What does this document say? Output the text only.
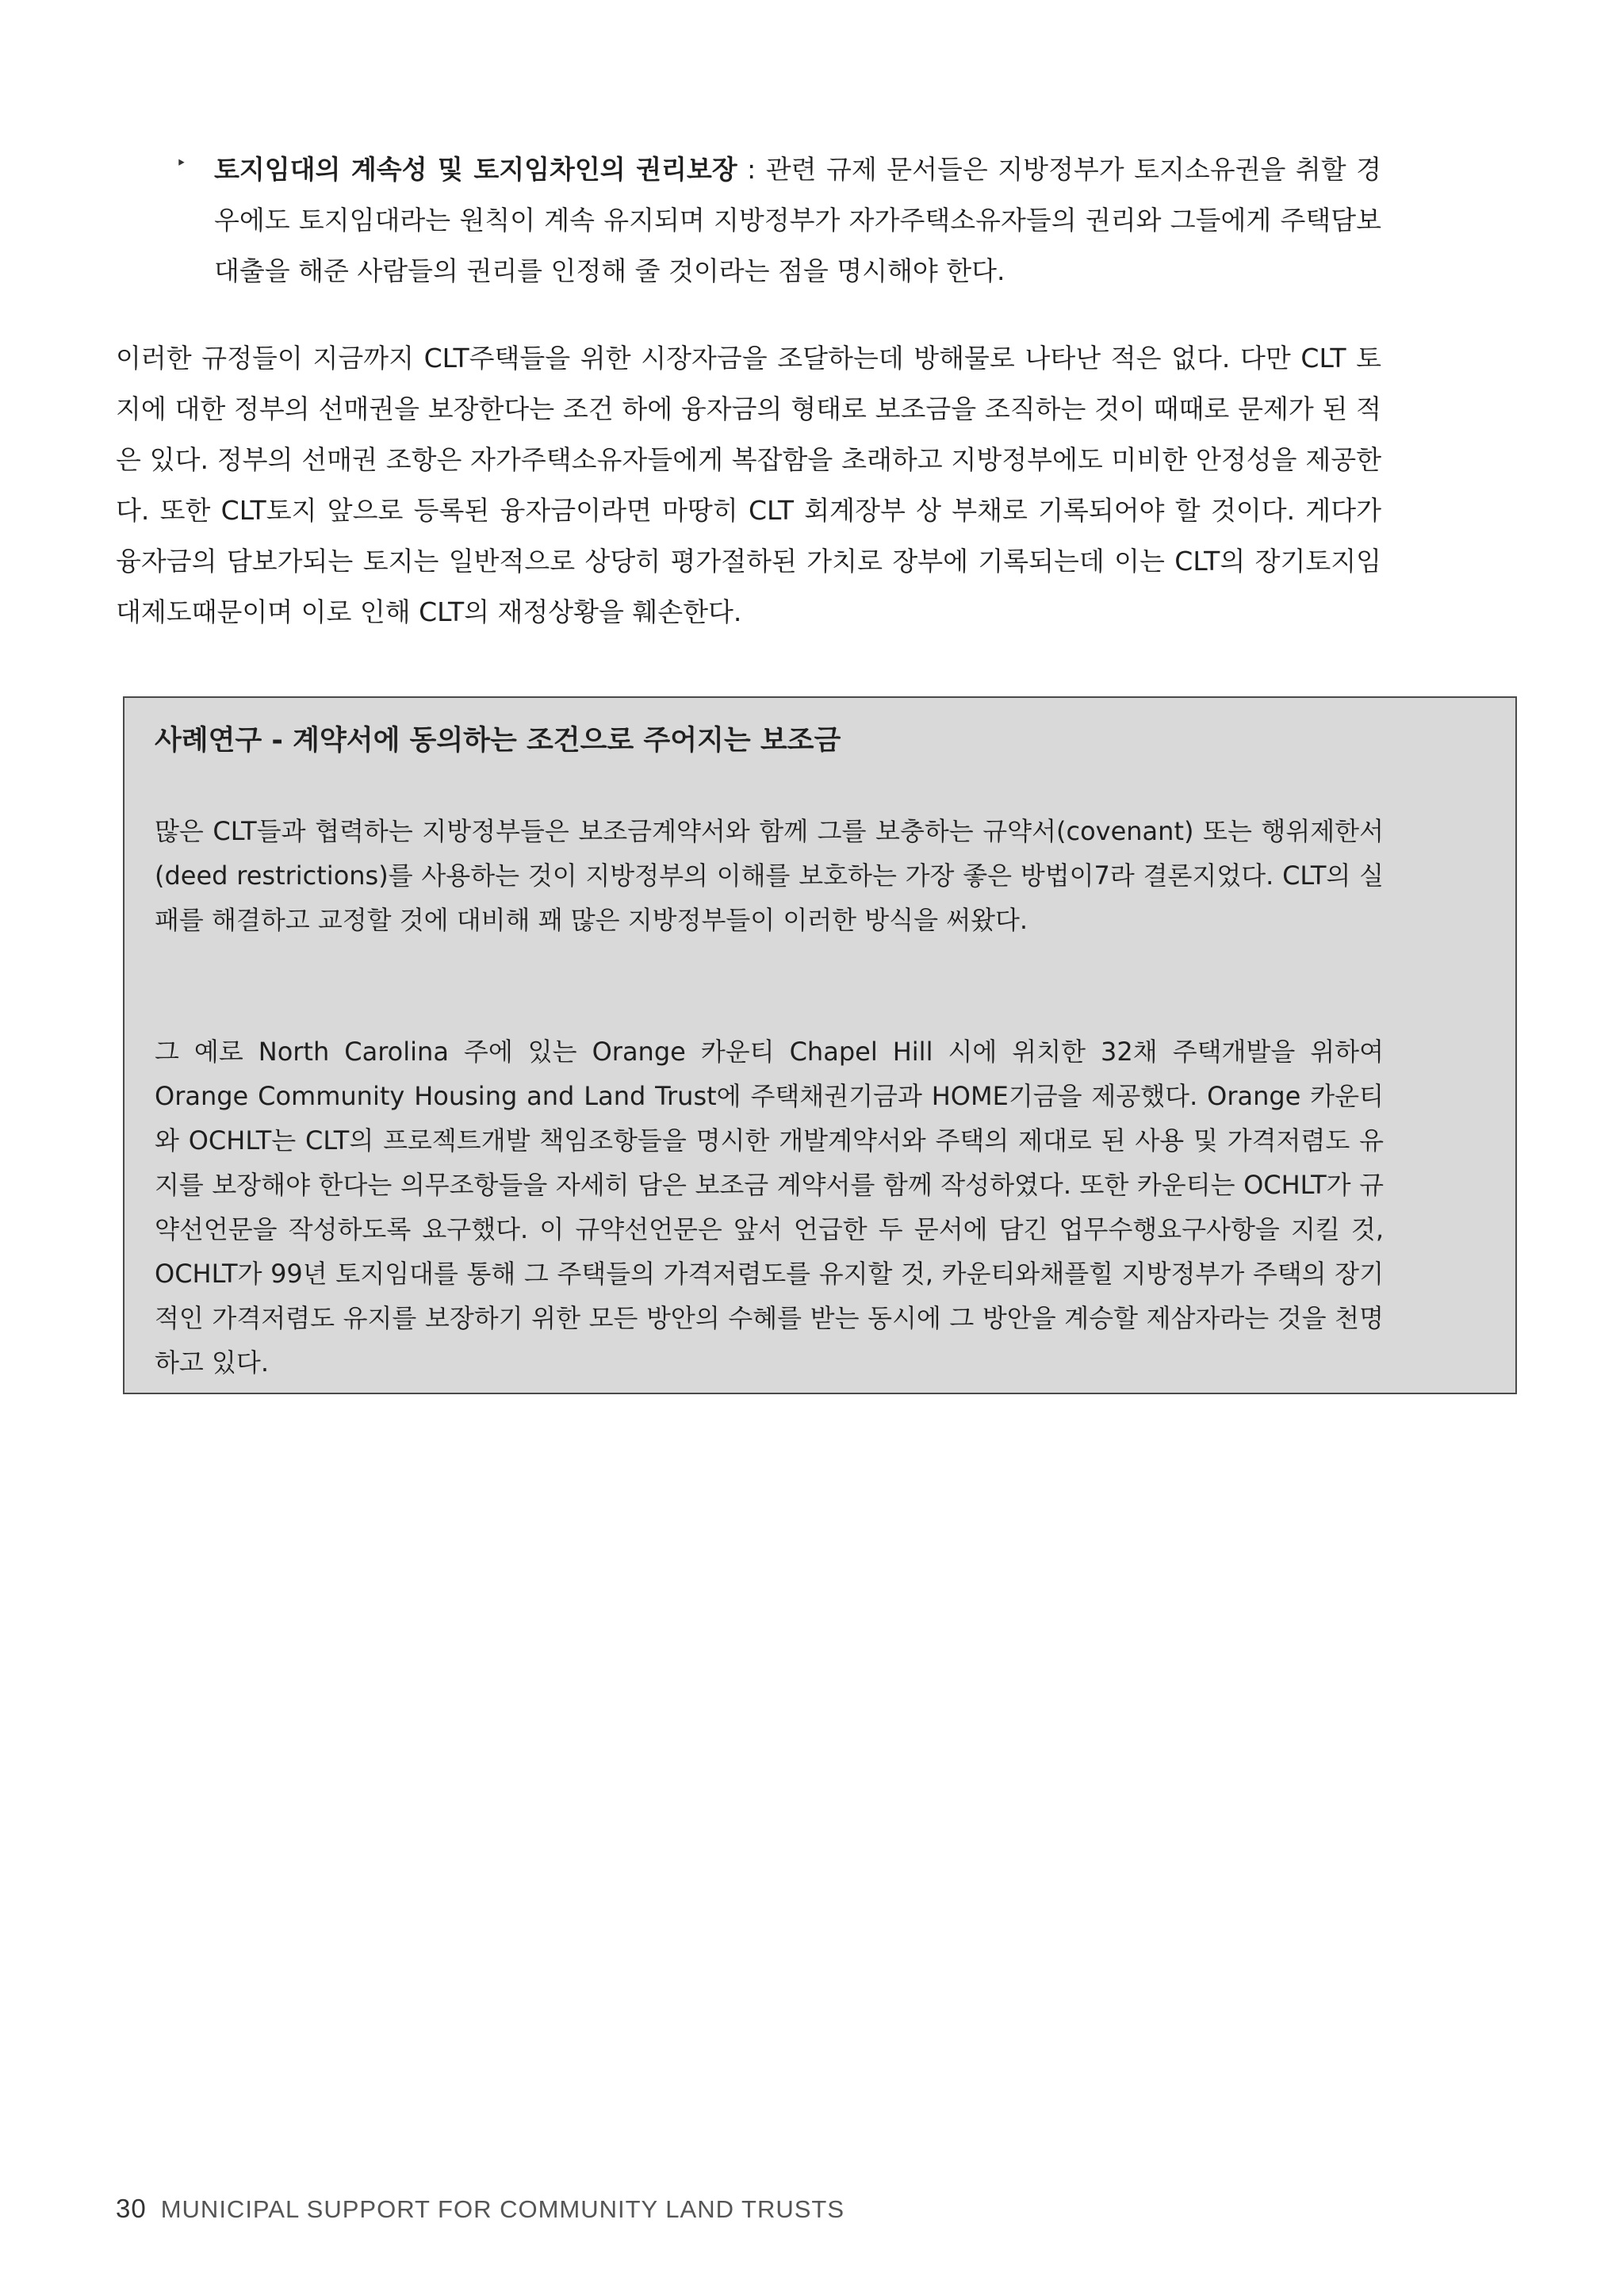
‣ 토지임대의 계속성 및 토지임차인의 권리보장 : 관련 규제 문서들은 지방정부가 토지소유권을 취할 경우에도 토지임대라는 원칙이 계속 유지되며 지방정부가 자가주택소유자들의 권리와 그들에게 주택담보대출을 해준 사람들의 권리를 인정해 줄 것이라는 점을 명시해야 한다.
이러한 규정들이 지금까지 CLT주택들을 위한 시장자금을 조달하는데 방해물로 나타난 적은 없다. 다만 CLT 토지에 대한 정부의 선매권을 보장한다는 조건 하에 융자금의 형태로 보조금을 조직하는 것이 때때로 문제가 된 적은 있다. 정부의 선매권 조항은 자가주택소유자들에게 복잡함을 초래하고 지방정부에도 미비한 안정성을 제공한다. 또한 CLT토지 앞으로 등록된 융자금이라면 마땅히 CLT 회계장부 상 부채로 기록되어야 할 것이다. 게다가 융자금의 담보가되는 토지는 일반적으로 상당히 평가절하된 가치로 장부에 기록되는데 이는 CLT의 장기토지임대제도때문이며 이로 인해 CLT의 재정상황을 훼손한다.
사례연구 - 계약서에 동의하는 조건으로 주어지는 보조금
많은 CLT들과 협력하는 지방정부들은 보조금계약서와 함께 그를 보충하는 규약서(covenant) 또는 행위제한서(deed restrictions)를 사용하는 것이 지방정부의 이해를 보호하는 가장 좋은 방법이7라 결론지었다. CLT의 실패를 해결하고 교정할 것에 대비해 꽤 많은 지방정부들이 이러한 방식을 써왔다.
그 예로 North Carolina 주에 있는 Orange 카운티 Chapel Hill 시에 위치한 32채 주택개발을 위하여 Orange Community Housing and Land Trust에 주택채권기금과 HOME기금을 제공했다. Orange 카운티와 OCHLT는 CLT의 프로젝트개발 책임조항들을 명시한 개발계약서와 주택의 제대로 된 사용 및 가격저렴도 유지를 보장해야 한다는 의무조항들을 자세히 담은 보조금 계약서를 함께 작성하였다. 또한 카운티는 OCHLT가 규약선언문을 작성하도록 요구했다. 이 규약선언문은 앞서 언급한 두 문서에 담긴 업무수행요구사항을 지킬 것, OCHLT가 99년 토지임대를 통해 그 주택들의 가격저렴도를 유지할 것, 카운티와채플힐 지방정부가 주택의 장기적인 가격저렴도 유지를 보장하기 위한 모든 방안의 수혜를 받는 동시에 그 방안을 계승할 제삼자라는 것을 천명하고 있다.
30 MUNICIPAL SUPPORT FOR COMMUNITY LAND TRUSTS
